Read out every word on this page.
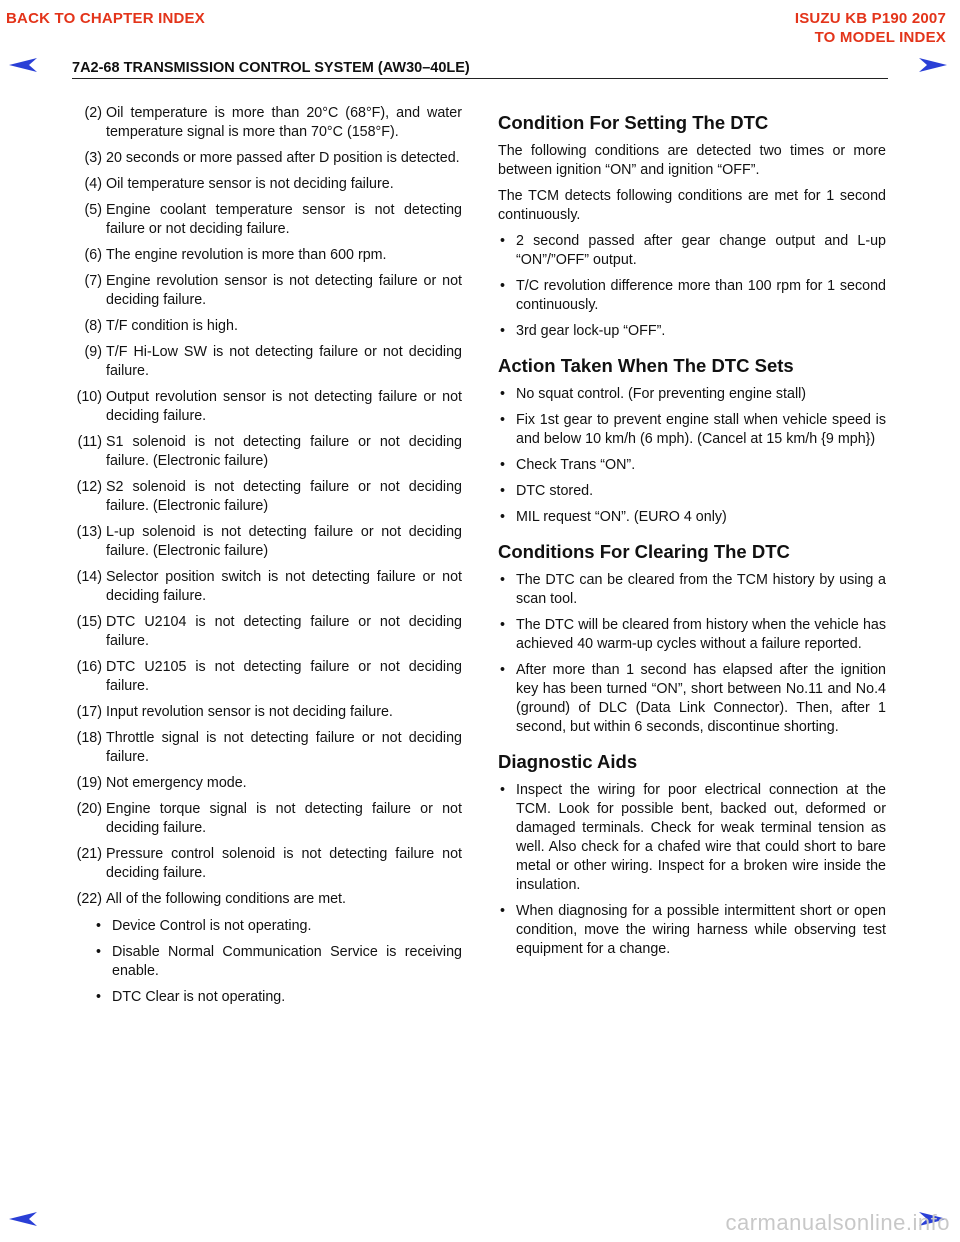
BACK TO CHAPTER INDEX	ISUZU KB P190 2007
TO MODEL INDEX
7A2-68 TRANSMISSION CONTROL SYSTEM (AW30–40LE)
(2) Oil temperature is more than 20°C (68°F), and water temperature signal is more than 70°C (158°F).
(3) 20 seconds or more passed after D position is detected.
(4) Oil temperature sensor is not deciding failure.
(5) Engine coolant temperature sensor is not detecting failure or not deciding failure.
(6) The engine revolution is more than 600 rpm.
(7) Engine revolution sensor is not detecting failure or not deciding failure.
(8) T/F condition is high.
(9) T/F Hi-Low SW is not detecting failure or not deciding failure.
(10) Output revolution sensor is not detecting failure or not deciding failure.
(11) S1 solenoid is not detecting failure or not deciding failure. (Electronic failure)
(12) S2 solenoid is not detecting failure or not deciding failure. (Electronic failure)
(13) L-up solenoid is not detecting failure or not deciding failure. (Electronic failure)
(14) Selector position switch is not detecting failure or not deciding failure.
(15) DTC U2104 is not detecting failure or not deciding failure.
(16) DTC U2105 is not detecting failure or not deciding failure.
(17) Input revolution sensor is not deciding failure.
(18) Throttle signal is not detecting failure or not deciding failure.
(19) Not emergency mode.
(20) Engine torque signal is not detecting failure or not deciding failure.
(21) Pressure control solenoid is not detecting failure not deciding failure.
(22) All of the following conditions are met.
• Device Control is not operating.
• Disable Normal Communication Service is receiving enable.
• DTC Clear is not operating.
Condition For Setting The DTC
The following conditions are detected two times or more between ignition “ON” and ignition “OFF”.
The TCM detects following conditions are met for 1 second continuously.
• 2 second passed after gear change output and L-up “ON”/”OFF” output.
• T/C revolution difference more than 100 rpm for 1 second continuously.
• 3rd gear lock-up “OFF”.
Action Taken When The DTC Sets
• No squat control. (For preventing engine stall)
• Fix 1st gear to prevent engine stall when vehicle speed is and below 10 km/h (6 mph). (Cancel at 15 km/h {9 mph})
• Check Trans “ON”.
• DTC stored.
• MIL request “ON”. (EURO 4 only)
Conditions For Clearing The DTC
• The DTC can be cleared from the TCM history by using a scan tool.
• The DTC will be cleared from history when the vehicle has achieved 40 warm-up cycles without a failure reported.
• After more than 1 second has elapsed after the ignition key has been turned “ON”, short between No.11 and No.4 (ground) of DLC (Data Link Connector). Then, after 1 second, but within 6 seconds, discontinue shorting.
Diagnostic Aids
• Inspect the wiring for poor electrical connection at the TCM. Look for possible bent, backed out, deformed or damaged terminals. Check for weak terminal tension as well. Also check for a chafed wire that could short to bare metal or other wiring. Inspect for a broken wire inside the insulation.
• When diagnosing for a possible intermittent short or open condition, move the wiring harness while observing test equipment for a change.
carmanualsonline.info
